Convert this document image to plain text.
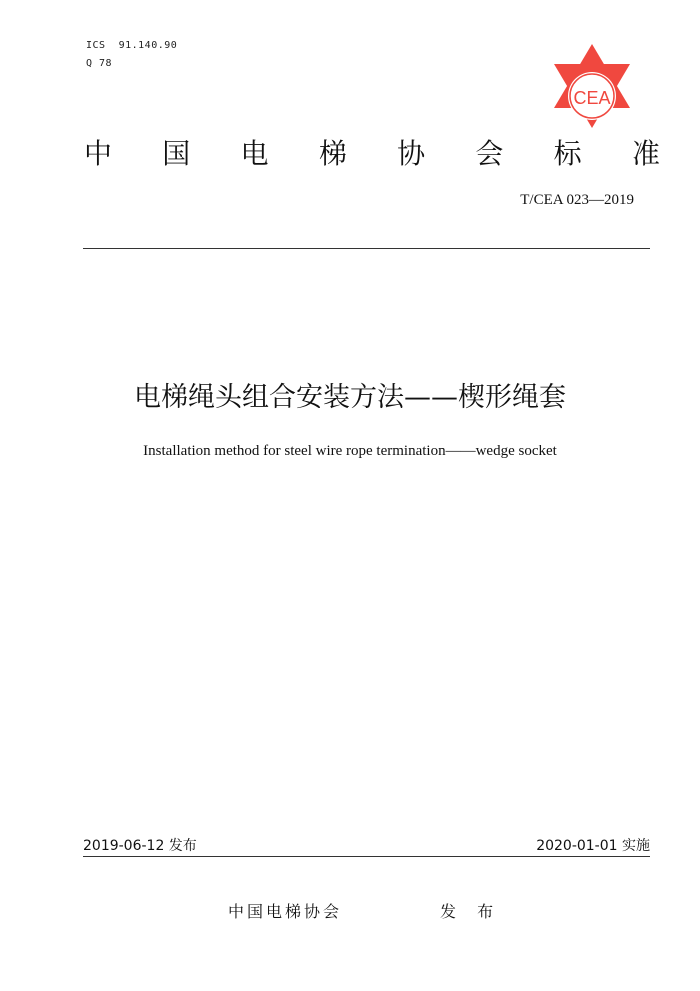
ICS  91.140.90
Q 78
CEA
中 国 电 梯 协 会 标 准
T/CEA 023—2019
电梯绳头组合安装方法——楔形绳套
Installation method for steel wire rope termination——wedge socket
2019-06-12 发布	2020-01-01 实施
中国电梯协会	发 布
